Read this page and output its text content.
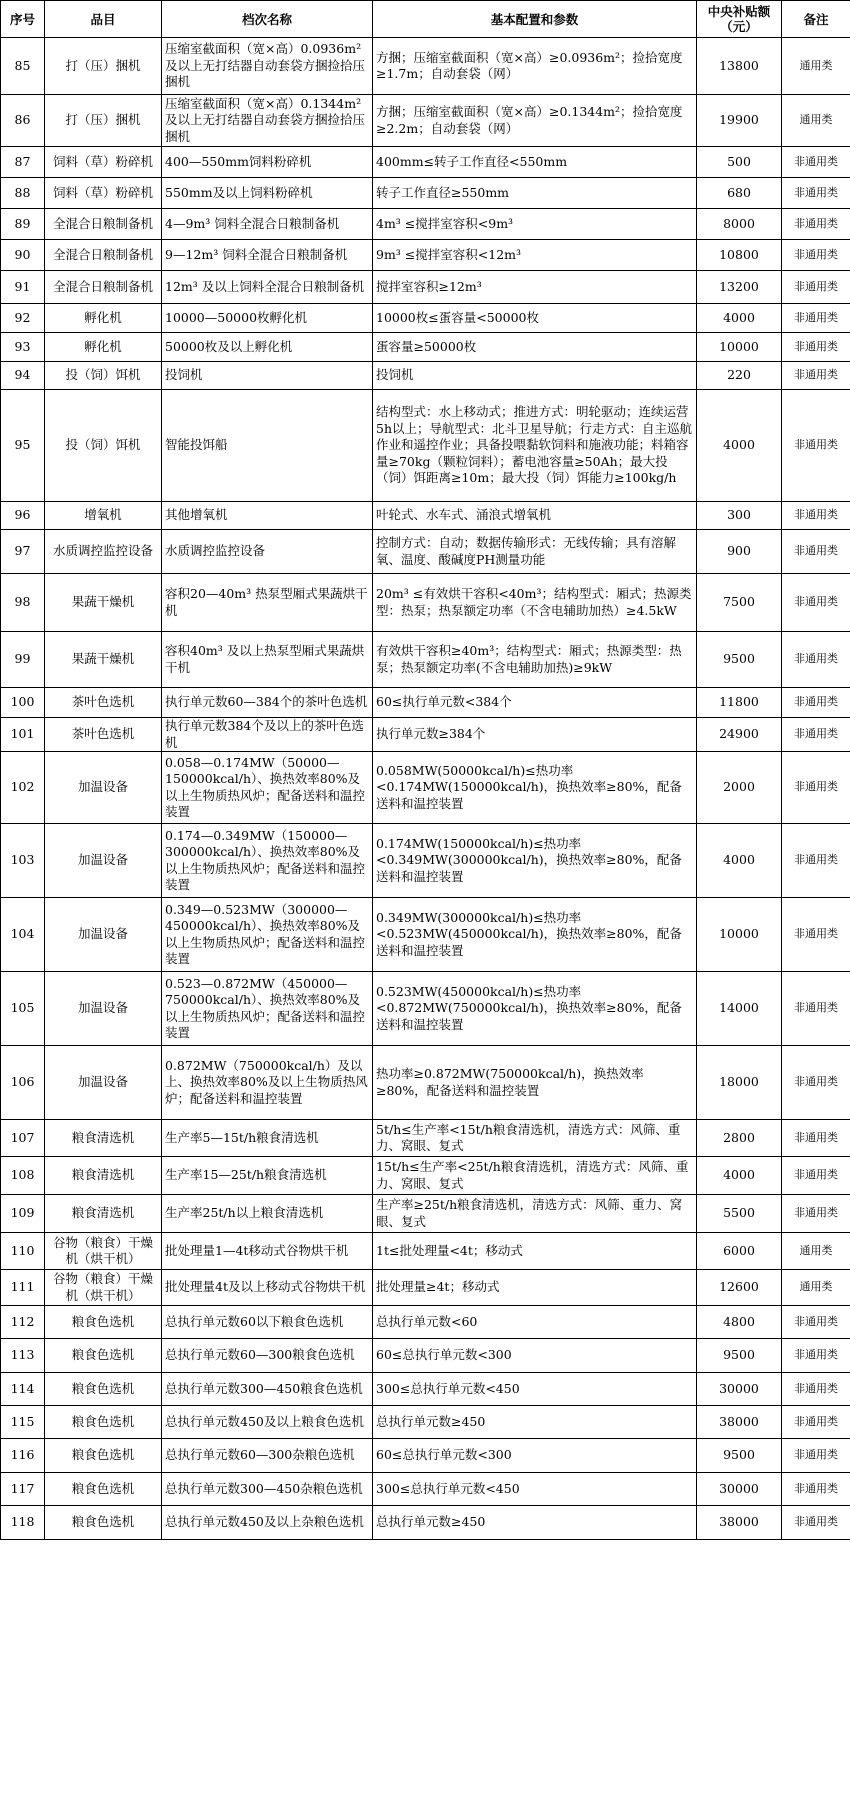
序号	品目	档次名称	基本配置和参数	中央补贴额（元）	备注
85	打（压）捆机	压缩室截面积（宽×高）0.0936m² 及以上无打结器自动套袋方捆捡拾压捆机	方捆；压缩室截面积（宽×高）≥0.0936m²；捡拾宽度≥1.7m；自动套袋（网）	13800	通用类
86	打（压）捆机	压缩室截面积（宽×高）0.1344m² 及以上无打结器自动套袋方捆捡拾压捆机	方捆；压缩室截面积（宽×高）≥0.1344m²；捡拾宽度≥2.2m；自动套袋（网）	19900	通用类
87	饲料（草）粉碎机	400—550mm饲料粉碎机	400mm≤转子工作直径<550mm	500	非通用类
88	饲料（草）粉碎机	550mm及以上饲料粉碎机	转子工作直径≥550mm	680	非通用类
89	全混合日粮制备机	4—9m³ 饲料全混合日粮制备机	4m³ ≤搅拌室容积<9m³	8000	非通用类
90	全混合日粮制备机	9—12m³ 饲料全混合日粮制备机	9m³ ≤搅拌室容积<12m³	10800	非通用类
91	全混合日粮制备机	12m³ 及以上饲料全混合日粮制备机	搅拌室容积≥12m³	13200	非通用类
92	孵化机	10000—50000枚孵化机	10000枚≤蛋容量<50000枚	4000	非通用类
93	孵化机	50000枚及以上孵化机	蛋容量≥50000枚	10000	非通用类
94	投（饲）饵机	投饲机	投饲机	220	非通用类
95	投（饲）饵机	智能投饵船	结构型式：水上移动式；推进方式：明轮驱动；连续运营5h以上；导航型式：北斗卫星导航；行走方式：自主巡航作业和遥控作业；具备投喂黏软饲料和施液功能；料箱容量≥70kg（颗粒饲料）；蓄电池容量≥50Ah；最大投（饲）饵距离≥10m；最大投（饲）饵能力≥100kg/h	4000	非通用类
96	增氧机	其他增氧机	叶轮式、水车式、涌浪式增氧机	300	非通用类
97	水质调控监控设备	水质调控监控设备	控制方式：自动；数据传输形式：无线传输；具有溶解氧、温度、酸碱度PH测量功能	900	非通用类
98	果蔬干燥机	容积20—40m³ 热泵型厢式果蔬烘干机	20m³ ≤有效烘干容积<40m³；结构型式：厢式；热源类型：热泵；热泵额定功率（不含电辅助加热）≥4.5kW	7500	非通用类
99	果蔬干燥机	容积40m³ 及以上热泵型厢式果蔬烘干机	有效烘干容积≥40m³；结构型式：厢式；热源类型：热泵；热泵额定功率(不含电辅助加热)≥9kW	9500	非通用类
100	茶叶色选机	执行单元数60—384个的茶叶色选机	60≤执行单元数<384个	11800	非通用类
101	茶叶色选机	执行单元数384个及以上的茶叶色选机	执行单元数≥384个	24900	非通用类
102	加温设备	0.058—0.174MW（50000—150000kcal/h）、换热效率80%及以上生物质热风炉；配备送料和温控装置	0.058MW(50000kcal/h)≤热功率<0.174MW(150000kcal/h)，换热效率≥80%，配备送料和温控装置	2000	非通用类
103	加温设备	0.174—0.349MW（150000—300000kcal/h）、换热效率80%及以上生物质热风炉；配备送料和温控装置	0.174MW(150000kcal/h)≤热功率<0.349MW(300000kcal/h)，换热效率≥80%，配备送料和温控装置	4000	非通用类
104	加温设备	0.349—0.523MW（300000—450000kcal/h）、换热效率80%及以上生物质热风炉；配备送料和温控装置	0.349MW(300000kcal/h)≤热功率<0.523MW(450000kcal/h)，换热效率≥80%，配备送料和温控装置	10000	非通用类
105	加温设备	0.523—0.872MW（450000—750000kcal/h）、换热效率80%及以上生物质热风炉；配备送料和温控装置	0.523MW(450000kcal/h)≤热功率<0.872MW(750000kcal/h)，换热效率≥80%，配备送料和温控装置	14000	非通用类
106	加温设备	0.872MW（750000kcal/h）及以上、换热效率80%及以上生物质热风炉；配备送料和温控装置	热功率≥0.872MW(750000kcal/h)，换热效率≥80%，配备送料和温控装置	18000	非通用类
107	粮食清选机	生产率5—15t/h粮食清选机	5t/h≤生产率<15t/h粮食清选机，清选方式：风筛、重力、窝眼、复式	2800	非通用类
108	粮食清选机	生产率15—25t/h粮食清选机	15t/h≤生产率<25t/h粮食清选机，清选方式：风筛、重力、窝眼、复式	4000	非通用类
109	粮食清选机	生产率25t/h以上粮食清选机	生产率≥25t/h粮食清选机，清选方式：风筛、重力、窝眼、复式	5500	非通用类
110	谷物（粮食）干燥机（烘干机）	批处理量1—4t移动式谷物烘干机	1t≤批处理量<4t；移动式	6000	通用类
111	谷物（粮食）干燥机（烘干机）	批处理量4t及以上移动式谷物烘干机	批处理量≥4t；移动式	12600	通用类
112	粮食色选机	总执行单元数60以下粮食色选机	总执行单元数<60	4800	非通用类
113	粮食色选机	总执行单元数60—300粮食色选机	60≤总执行单元数<300	9500	非通用类
114	粮食色选机	总执行单元数300—450粮食色选机	300≤总执行单元数<450	30000	非通用类
115	粮食色选机	总执行单元数450及以上粮食色选机	总执行单元数≥450	38000	非通用类
116	粮食色选机	总执行单元数60—300杂粮色选机	60≤总执行单元数<300	9500	非通用类
117	粮食色选机	总执行单元数300—450杂粮色选机	300≤总执行单元数<450	30000	非通用类
118	粮食色选机	总执行单元数450及以上杂粮色选机	总执行单元数≥450	38000	非通用类
